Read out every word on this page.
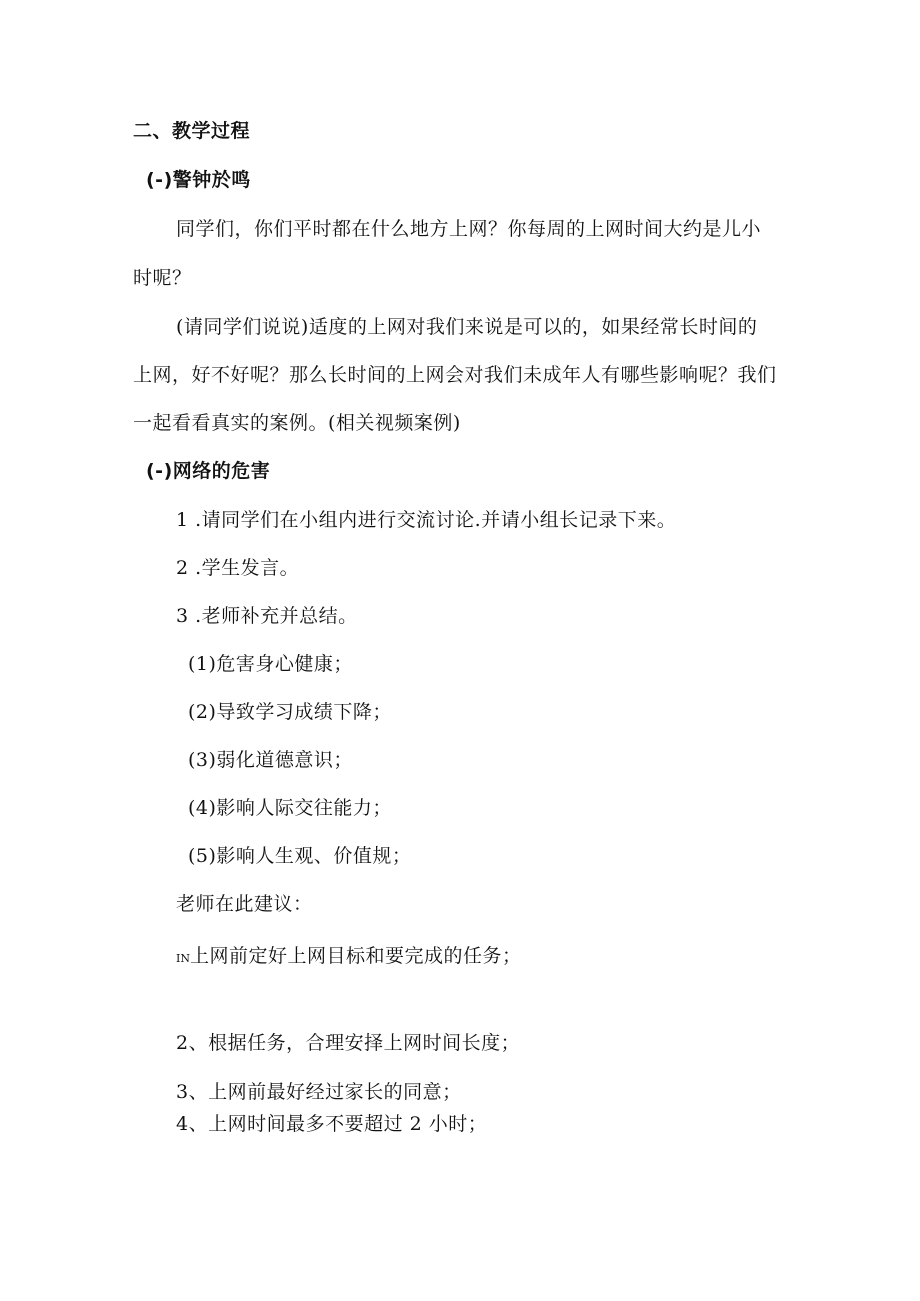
二、教学过程
(-)警钟於鸣
同学们，你们平时都在什么地方上网？你每周的上网时间大约是儿小
时呢？
(请同学们说说)适度的上网对我们来说是可以的，如果经常长时间的
上网，好不好呢？那么长时间的上网会对我们未成年人有哪些影响呢？我们
一起看看真实的案例。(相关视频案例)
(-)网络的危害
1 .请同学们在小组内进行交流讨论.并请小组长记录下来。
2 .学生发言。
3 .老师补充并总结。
(1)危害身心健康；
(2)导致学习成绩下降；
(3)弱化道德意识；
(4)影响人际交往能力；
(5)影响人生观、价值规；
老师在此建议：
IN上网前定好上网目标和要完成的任务；
2、根据任务，合理安择上网时间长度；
3、上网前最好经过家长的同意；
4、上网时间最多不要超过 2 小时；
